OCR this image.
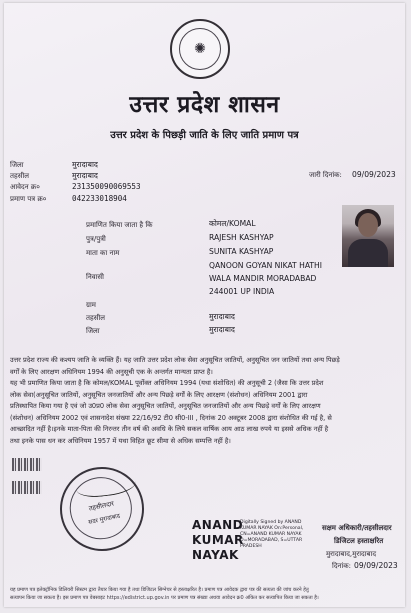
✺
उत्तर प्रदेश शासन
उत्तर प्रदेश के पिछड़ी जाति के लिए जाति प्रमाण पत्र
जिला	मुरादाबाद
तहसील	मुरादाबाद
आवेदन क्र०	231350090069553
प्रमाण पत्र क्र०	042233018904
जारी दिनांक: 09/09/2023
प्रमाणित किया जाता है कि	कोमल/KOMAL
पुत्र/पुत्री	RAJESH KASHYAP
माता का नाम	SUNITA KASHYAP
QANOON GOYAN NIKAT HATHI
निवासी	WALA MANDIR MORADABAD
244001 UP INDIA
ग्राम
तहसील	मुरादाबाद
जिला	मुरादाबाद
उत्तर प्रदेश राज्य की कश्यप जाति के व्यक्ति हैं। यह जाति उत्तर प्रदेश लोक सेवा अनुसूचित जातियों, अनुसूचित जन जातियों तथा अन्य पिछड़े
वर्गों के लिए आरक्षण अधिनियम 1994 की अनुसूची एक के अन्तर्गत मान्यता प्राप्त है।
यह भी प्रमाणित किया जाता है कि कोमल/KOMAL पूर्वोक्त अधिनियम 1994 (यथा संशोधित) की अनुसूची 2 (जैसा कि उत्तर प्रदेश
लोक सेवा(अनुसूचित जातियों, अनुसूचित जनजातियों और अन्य पिछड़े वर्गों के लिए आरक्षण (संशोधन) अधिनियम 2001 द्वारा
प्रतिस्थापित किया गया है एवं जो उ0प्र0 लोक सेवा अनुसूचित जातियों, अनुसूचित जनजातियों और अन्य पिछड़े वर्गों के लिए आरक्षण
(संशोधन) अधिनियम 2002 एवं शासनादेश संख्या 22/16/92 टी0 सी0-III , दिनांक 20 अक्टूबर 2008 द्वारा संशोधित की गई है, से
आच्छादित नहीं है।इनके माता-पिता की निरन्तर तीन वर्ष की अवधि के लिये सकल वार्षिक आय आठ लाख रुपये या इससे अधिक नहीं है
तथा इनके पास धन कर अधिनियम 1957 में यथा विहित छूट सीमा से अधिक सम्पत्ति नहीं है।
तहसीलदार
सदर मुरादाबाद	ANAND
KUMAR
NAYAK
Digitally Signed by ANAND KUMAR NAYAK On:Personal, CN=ANAND KUMAR NAYAK O=MORADABAD, S=UTTAR PRADESH
सक्षम अधिकारी/तहसीलदार
डिजिटल हस्ताक्षरित
मुरादाबाद,मुरादाबाद
दिनांक: 09/09/2023
यह प्रमाण पत्र इलेक्ट्रॉनिक डिलिवरी सिस्टम द्वारा तैयार किया गया है तथा डिजिटल सिग्नेचर से हस्ताक्षरित है। प्रमाण पत्र आवेदक द्वारा पत्र की सत्यता की जांच करने हेतु
सत्यापन किया जा सकता है। इस प्रमाण पत्र वेबसाइट https://edistrict.up.gov.in पर प्रमाण पत्र संख्या अथवा आवेदन क्र0 अंकित कर सत्यापित किया जा सकता है।
